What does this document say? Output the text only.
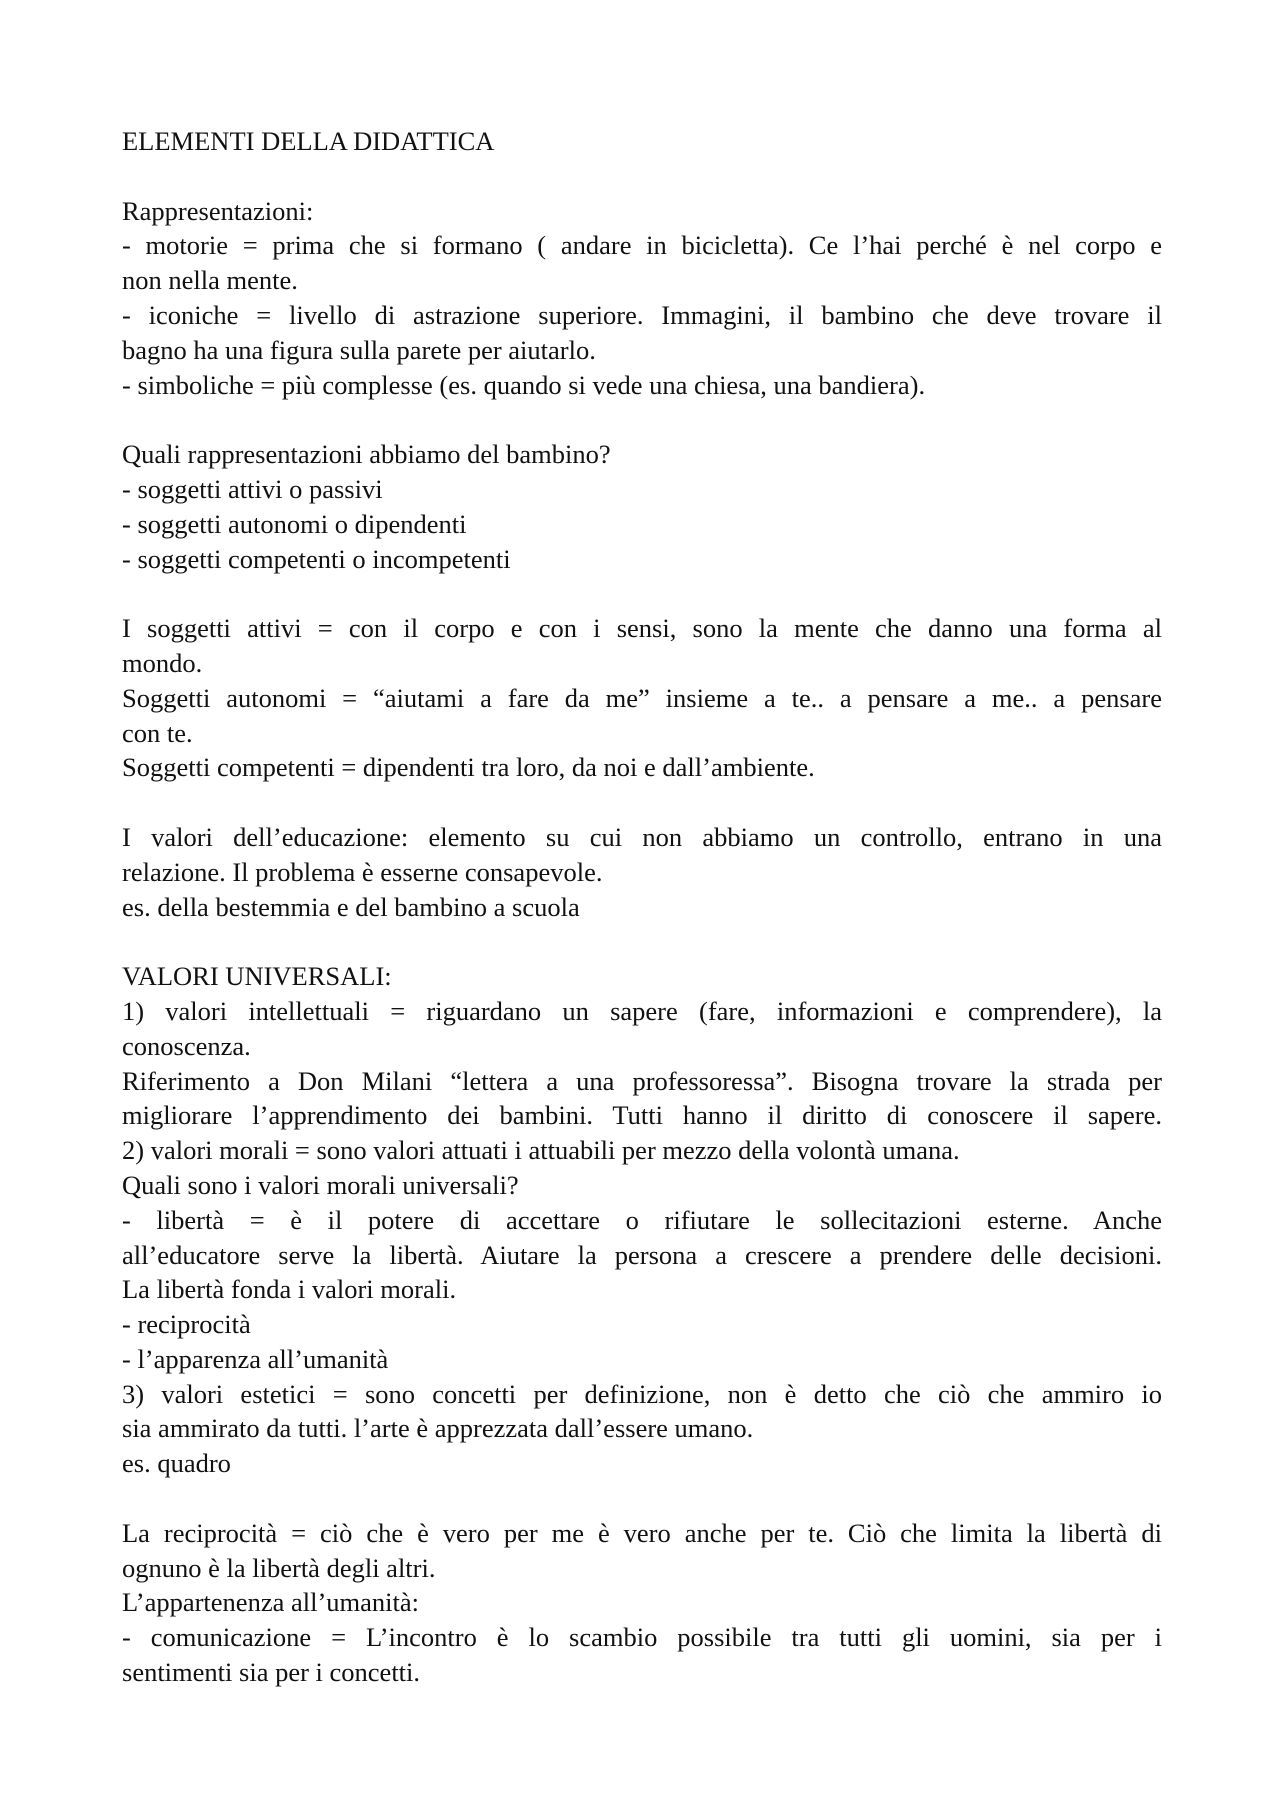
ELEMENTI DELLA DIDATTICA
Rappresentazioni:
- motorie = prima che si formano ( andare in bicicletta). Ce l’hai perché è nel corpo e
non nella mente.
- iconiche = livello di astrazione superiore. Immagini, il bambino che deve trovare il
bagno ha una figura sulla parete per aiutarlo.
- simboliche = più complesse (es. quando si vede una chiesa, una bandiera).
Quali rappresentazioni abbiamo del bambino?
- soggetti attivi o passivi
- soggetti autonomi o dipendenti
- soggetti competenti o incompetenti
I soggetti attivi = con il corpo e con i sensi, sono la mente che danno una forma al
mondo.
Soggetti autonomi = “aiutami a fare da me” insieme a te.. a pensare a me.. a pensare
con te.
Soggetti competenti = dipendenti tra loro, da noi e dall’ambiente.
I valori dell’educazione: elemento su cui non abbiamo un controllo, entrano in una
relazione. Il problema è esserne consapevole.
es. della bestemmia e del bambino a scuola
VALORI UNIVERSALI:
1) valori intellettuali = riguardano un sapere (fare, informazioni e comprendere), la
conoscenza.
Riferimento a Don Milani “lettera a una professoressa”. Bisogna trovare la strada per
migliorare l’apprendimento dei bambini. Tutti hanno il diritto di conoscere il sapere.
2) valori morali = sono valori attuati i attuabili per mezzo della volontà umana.
Quali sono i valori morali universali?
- libertà = è il potere di accettare o rifiutare le sollecitazioni esterne. Anche
all’educatore serve la libertà. Aiutare la persona a crescere a prendere delle decisioni.
La libertà fonda i valori morali.
- reciprocità
- l’apparenza all’umanità
3) valori estetici = sono concetti per definizione, non è detto che ciò che ammiro io
sia ammirato da tutti. l’arte è apprezzata dall’essere umano.
es. quadro
La reciprocità = ciò che è vero per me è vero anche per te. Ciò che limita la libertà di
ognuno è la libertà degli altri.
L’appartenenza all’umanità:
- comunicazione = L’incontro è lo scambio possibile tra tutti gli uomini, sia per i
sentimenti sia per i concetti.
